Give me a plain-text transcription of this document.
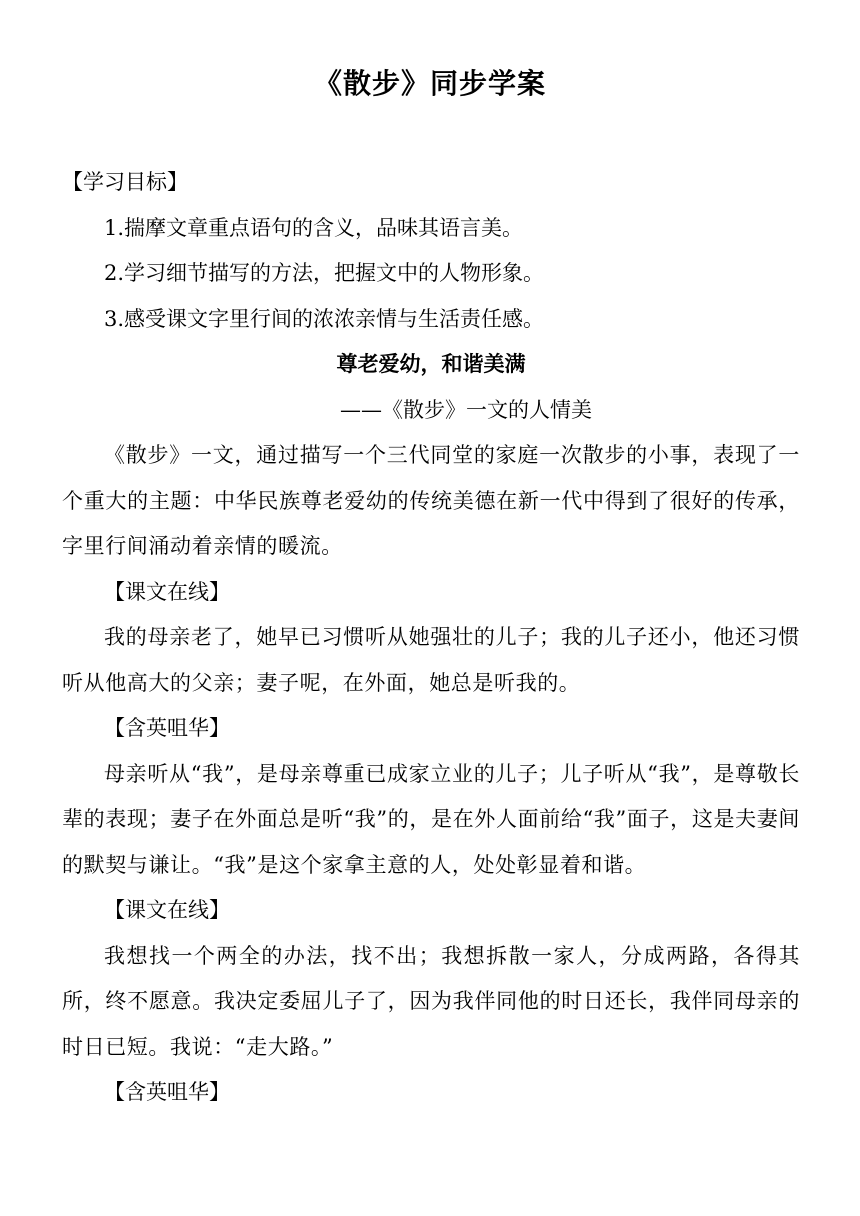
《散步》同步学案

【学习目标】

1.揣摩文章重点语句的含义，品味其语言美。

2.学习细节描写的方法，把握文中的人物形象。

3.感受课文字里行间的浓浓亲情与生活责任感。

尊老爱幼，和谐美满

——《散步》一文的人情美

《散步》一文，通过描写一个三代同堂的家庭一次散步的小事，表现了一个重大的主题：中华民族尊老爱幼的传统美德在新一代中得到了很好的传承，字里行间涌动着亲情的暖流。

【课文在线】

我的母亲老了，她早已习惯听从她强壮的儿子；我的儿子还小，他还习惯听从他高大的父亲；妻子呢，在外面，她总是听我的。

【含英咀华】

母亲听从“我”，是母亲尊重已成家立业的儿子；儿子听从“我”，是尊敬长辈的表现；妻子在外面总是听“我”的，是在外人面前给“我”面子，这是夫妻间的默契与谦让。“我”是这个家拿主意的人，处处彰显着和谐。

【课文在线】

我想找一个两全的办法，找不出；我想拆散一家人，分成两路，各得其所，终不愿意。我决定委屈儿子了，因为我伴同他的时日还长，我伴同母亲的时日已短。我说：“走大路。”

【含英咀华】
